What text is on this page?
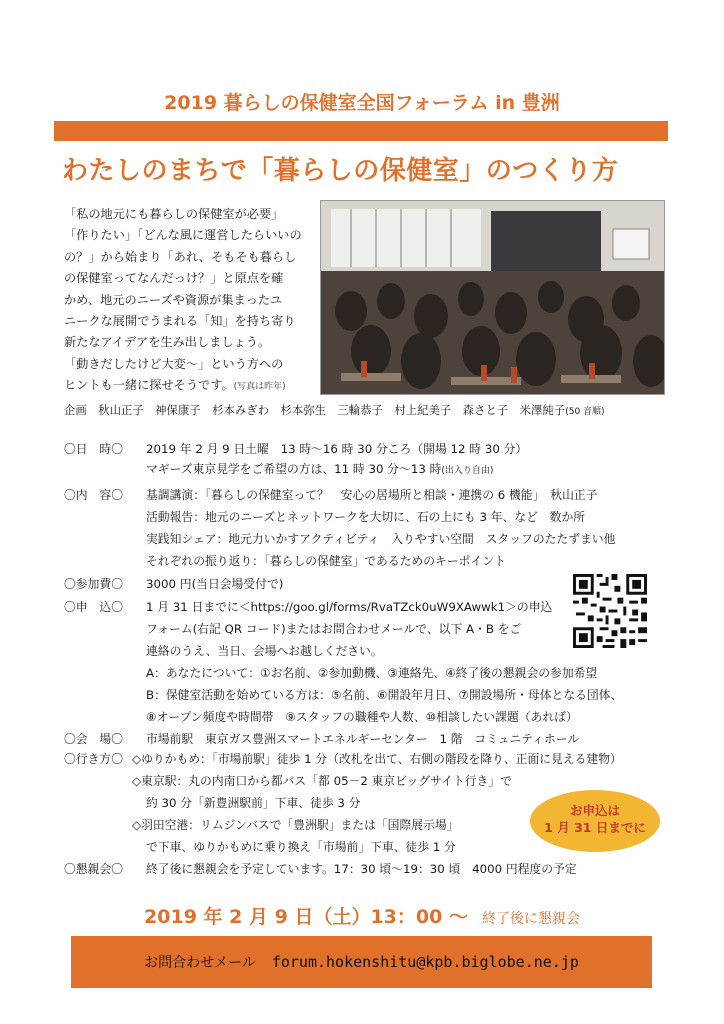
2019 暮らしの保健室全国フォーラム in 豊洲
わたしのまちで「暮らしの保健室」のつくり方

「私の地元にも暮らしの保健室が必要」

「作りたい」「どんな風に運営したらいいの

の？」から始まり「あれ、そもそも暮らし

の保健室ってなんだっけ？」と原点を確

かめ、地元のニーズや資源が集まったユ

ニークな展開でうまれる「知」を持ち寄り

新たなアイデアを生み出しましょう。

「動きだしたけど大変〜」という方への

ヒントも一緒に探せそうです。(写真は昨年)

企画　秋山正子　神保康子　杉本みぎわ　杉本弥生　三輪恭子　村上紀美子　森さと子　米澤純子(50 音順)
〇日　時〇 2019 年 2 月 9 日土曜　13 時〜16 時 30 分ころ（開場 12 時 30 分）
マギーズ東京見学をご希望の方は、11 時 30 分〜13 時(出入り自由)
〇内　容〇 基調講演：「暮らしの保健室って？　安心の居場所と相談・連携の 6 機能」　秋山正子
活動報告：地元のニーズとネットワークを大切に、石の上にも 3 年、など　数か所
実践知シェア：地元力いかすアクティビティ　入りやすい空間　スタッフのたたずまい他
それぞれの振り返り：「暮らしの保健室」であるためのキーポイント
〇参加費〇 3000 円(当日会場受付で)
〇申　込〇 1 月 31 日までに＜https://goo.gl/forms/RvaTZck0uW9XAwwk1＞の申込
フォーム(右記 QR コード)またはお問合わせメールで、以下 A・B をご
連絡のうえ、当日、会場へお越しください。
A：あなたについて：①お名前、②参加動機、③連絡先、④終了後の懇親会の参加希望
B：保健室活動を始めている方は：⑤名前、⑥開設年月日、⑦開設場所・母体となる団体、
⑧オープン頻度や時間帯　⑨スタッフの職種や人数、⑩相談したい課題（あれば）
〇会　場〇 市場前駅　東京ガス豊洲スマートエネルギーセンター　1 階　コミュニティホール
〇行き方〇 ◇ゆりかもめ：「市場前駅」徒歩 1 分（改札を出て、右側の階段を降り、正面に見える建物）
◇東京駅：丸の内南口から都バス「都 05－2 東京ビッグサイト行き」で
約 30 分「新豊洲駅前」下車、徒歩 3 分
◇羽田空港：リムジンバスで「豊洲駅」または「国際展示場」
で下車、ゆりかもめに乗り換え「市場前」下車、徒歩 1 分
〇懇親会〇 終了後に懇親会を予定しています。17：30 頃〜19：30 頃　4000 円程度の予定
お申込は
1 月 31 日までに
2019 年 2 月 9 日（土）13：00 〜 終了後に懇親会
お問合わせメール forum.hokenshitu@kpb.biglobe.ne.jp
